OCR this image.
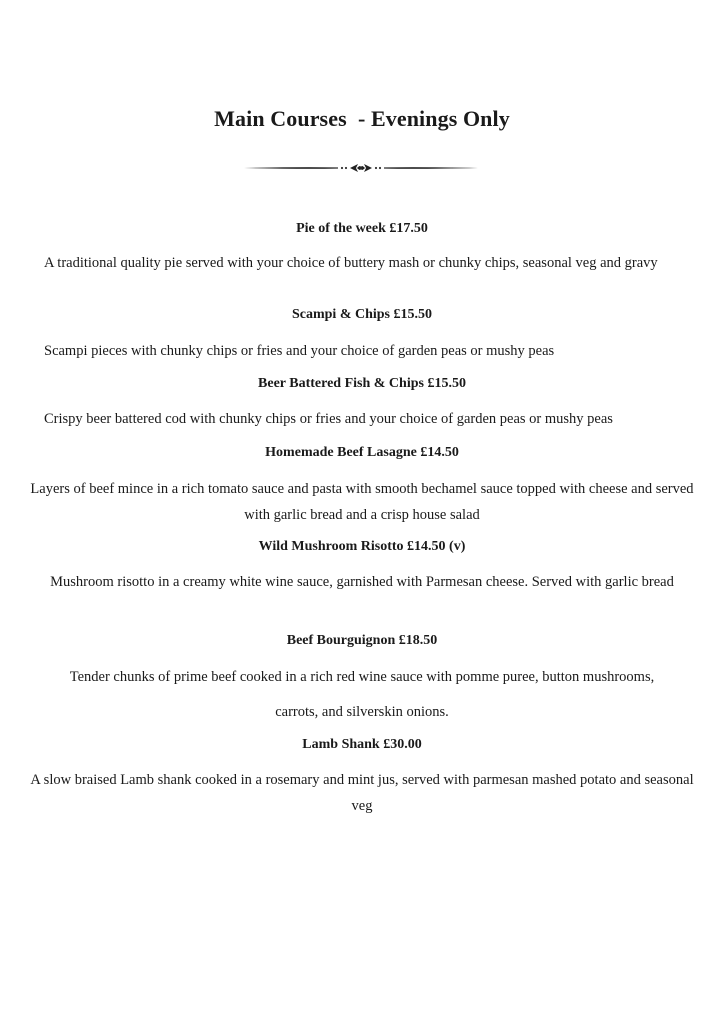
Main Courses  - Evenings Only
Pie of the week £17.50
A traditional quality pie served with your choice of buttery mash or chunky chips, seasonal veg and gravy
Scampi & Chips £15.50
Scampi pieces with chunky chips or fries and your choice of garden peas or mushy peas
Beer Battered Fish & Chips £15.50
Crispy beer battered cod with chunky chips or fries and your choice of garden peas or mushy peas
Homemade Beef Lasagne £14.50
Layers of beef mince in a rich tomato sauce and pasta with smooth bechamel sauce topped with cheese and served with garlic bread and a crisp house salad
Wild Mushroom Risotto £14.50 (v)
Mushroom risotto in a creamy white wine sauce, garnished with Parmesan cheese. Served with garlic bread
Beef Bourguignon £18.50
Tender chunks of prime beef cooked in a rich red wine sauce with pomme puree, button mushrooms,
carrots, and silverskin onions.
Lamb Shank £30.00
A slow braised Lamb shank cooked in a rosemary and mint jus, served with parmesan mashed potato and seasonal veg
